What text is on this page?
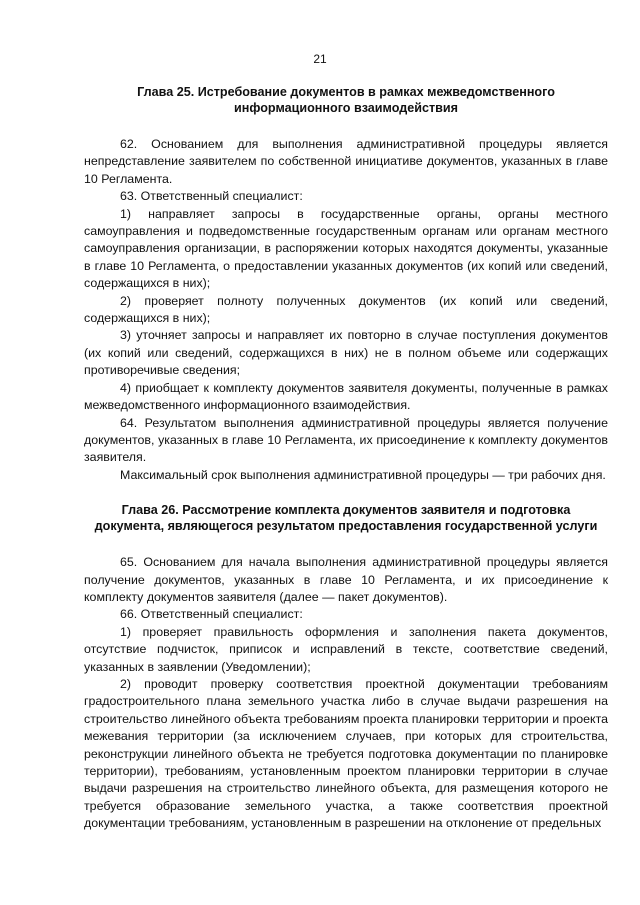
21
Глава 25. Истребование документов в рамках межведомственного информационного взаимодействия

62. Основанием для выполнения административной процедуры является непредставление заявителем по собственной инициативе документов, указанных в главе 10 Регламента.

63. Ответственный специалист:

1) направляет запросы в государственные органы, органы местного самоуправления и подведомственные государственным органам или органам местного самоуправления организации, в распоряжении которых находятся документы, указанные в главе 10 Регламента, о предоставлении указанных документов (их копий или сведений, содержащихся в них);

2) проверяет полноту полученных документов (их копий или сведений, содержащихся в них);

3) уточняет запросы и направляет их повторно в случае поступления документов (их копий или сведений, содержащихся в них) не в полном объеме или содержащих противоречивые сведения;

4) приобщает к комплекту документов заявителя документы, полученные в рамках межведомственного информационного взаимодействия.

64. Результатом выполнения административной процедуры является получение документов, указанных в главе 10 Регламента, их присоединение к комплекту документов заявителя.

Максимальный срок выполнения административной процедуры — три рабочих дня.

Глава 26. Рассмотрение комплекта документов заявителя и подготовка документа, являющегося результатом предоставления государственной услуги

65. Основанием для начала выполнения административной процедуры является получение документов, указанных в главе 10 Регламента, и их присоединение к комплекту документов заявителя (далее — пакет документов).

66. Ответственный специалист:

1) проверяет правильность оформления и заполнения пакета документов, отсутствие подчисток, приписок и исправлений в тексте, соответствие сведений, указанных в заявлении (Уведомлении);

2) проводит проверку соответствия проектной документации требованиям градостроительного плана земельного участка либо в случае выдачи разрешения на строительство линейного объекта требованиям проекта планировки территории и проекта межевания территории (за исключением случаев, при которых для строительства, реконструкции линейного объекта не требуется подготовка документации по планировке территории), требованиям, установленным проектом планировки территории в случае выдачи разрешения на строительство линейного объекта, для размещения которого не требуется образование земельного участка, а также соответствия проектной документации требованиям, установленным в разрешении на отклонение от предельных
